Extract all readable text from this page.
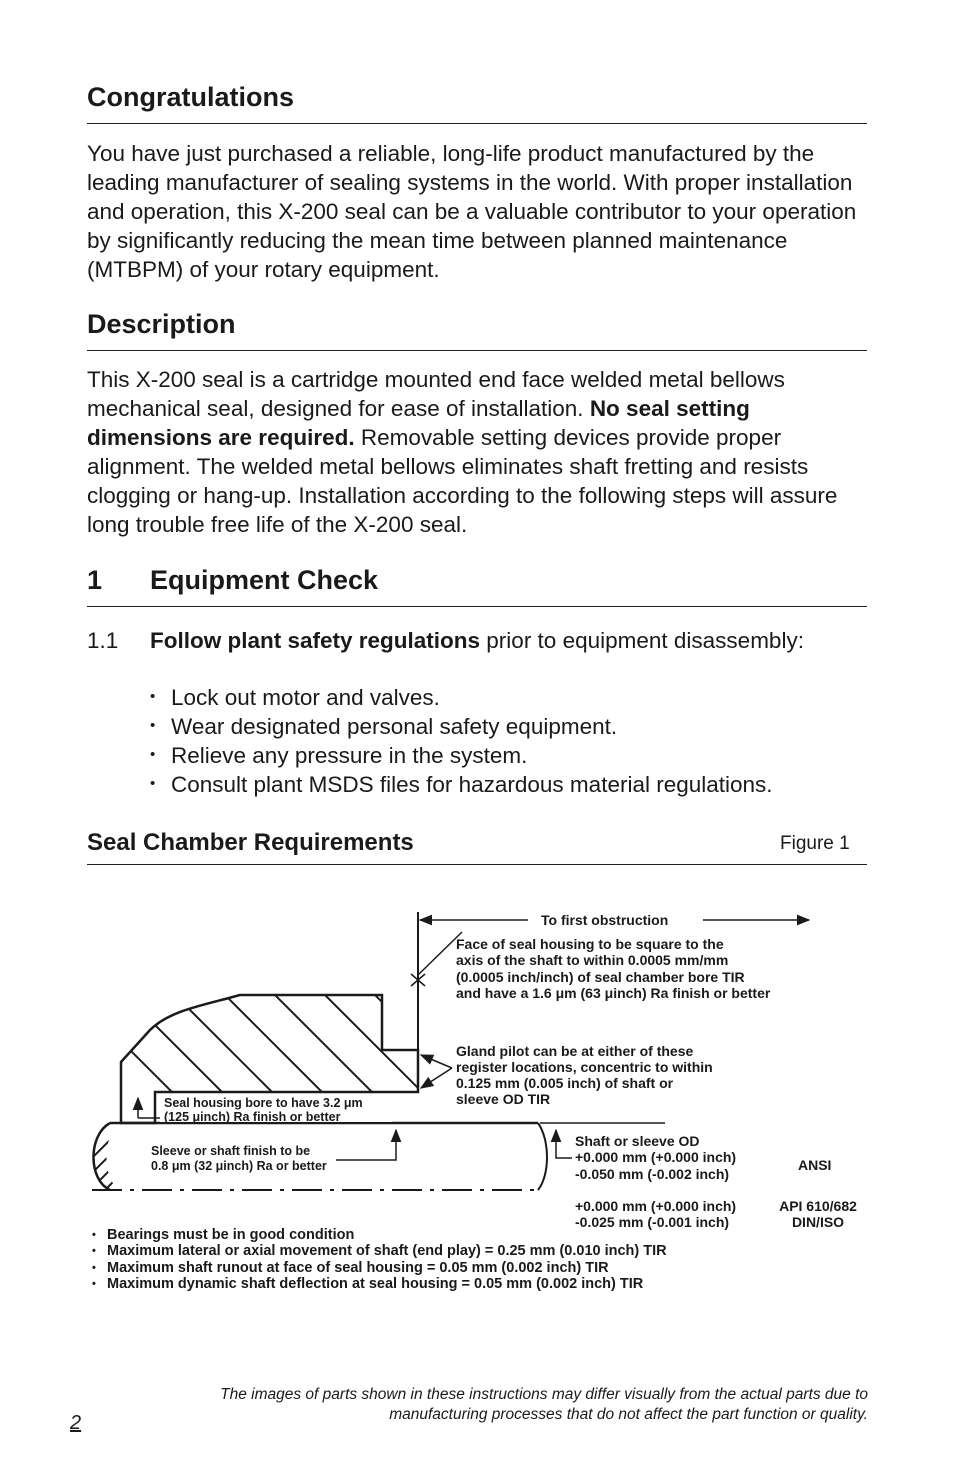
Congratulations

You have just purchased a reliable, long-life product manufactured by the leading manufacturer of sealing systems in the world. With proper installation and operation, this X-200 seal can be a valuable contributor to your operation by significantly reducing the mean time between planned maintenance (MTBPM) of your rotary equipment.

Description

This X-200 seal is a cartridge mounted end face welded metal bellows mechanical seal, designed for ease of installation. No seal setting dimensions are required. Removable setting devices provide proper alignment. The welded metal bellows eliminates shaft fretting and resists clogging or hang-up. Installation according to the following steps will assure long trouble free life of the X-200 seal.

1 Equipment Check

1.1 Follow plant safety regulations prior to equipment disassembly:
• Lock out motor and valves.
• Wear designated personal safety equipment.
• Relieve any pressure in the system.
• Consult plant MSDS files for hazardous material regulations.
Seal Chamber Requirements	Figure 1
To first obstruction
Face of seal housing to be square to the
axis of the shaft to within 0.0005 mm/mm
(0.0005 inch/inch) of seal chamber bore TIR
and have a 1.6 μm (63 μinch) Ra finish or better
Gland pilot can be at either of these
register locations, concentric to within
0.125 mm (0.005 inch) of shaft or
sleeve OD TIR
Seal housing bore to have 3.2 μm
(125 μinch) Ra finish or better
Sleeve or shaft finish to be
0.8 μm (32 μinch) Ra or better
Shaft or sleeve OD
+0.000 mm (+0.000 inch)
-0.050 mm (-0.002 inch)
ANSI
+0.000 mm (+0.000 inch)
-0.025 mm (-0.001 inch)
API 610/682
DIN/ISO
• Bearings must be in good condition
• Maximum lateral or axial movement of shaft (end play) = 0.25 mm (0.010 inch) TIR
• Maximum shaft runout at face of seal housing = 0.05 mm (0.002 inch) TIR
• Maximum dynamic shaft deflection at seal housing = 0.05 mm (0.002 inch) TIR

The images of parts shown in these instructions may differ visually from the actual parts due to manufacturing processes that do not affect the part function or quality.

2
